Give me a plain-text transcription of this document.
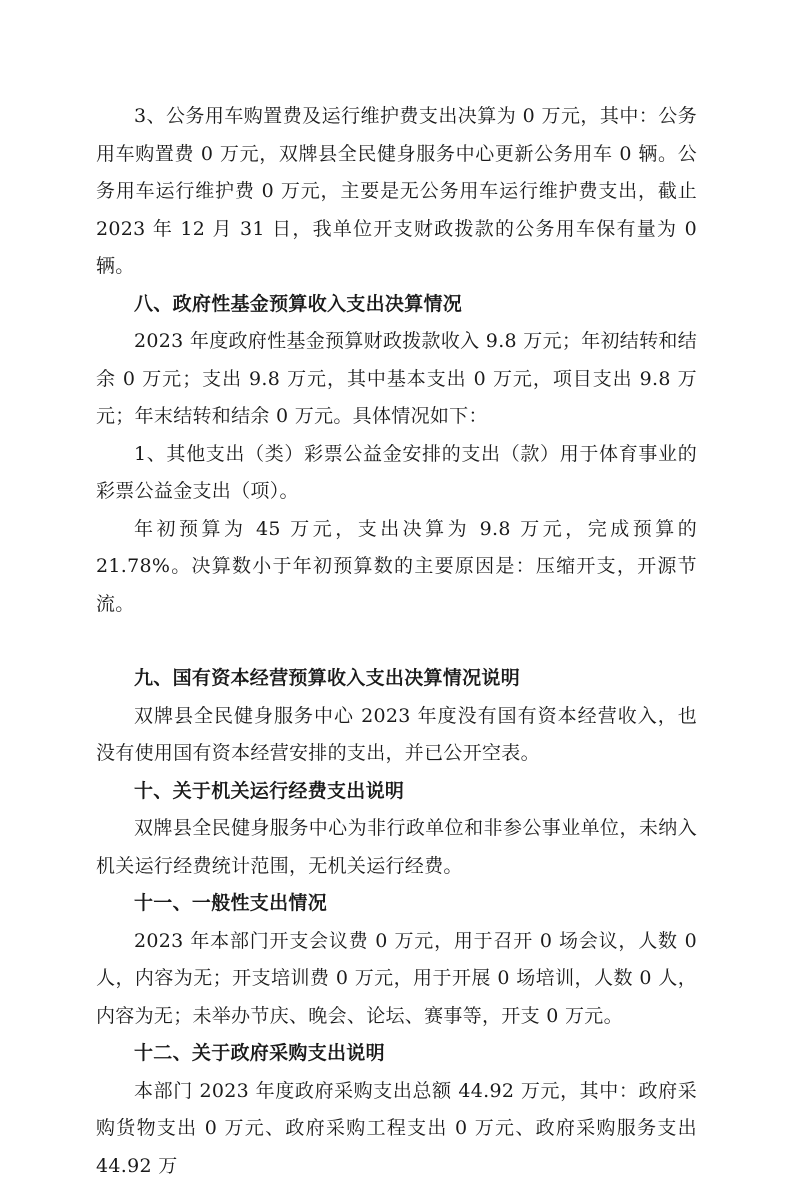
3、公务用车购置费及运行维护费支出决算为 0 万元，其中：公务用车购置费 0 万元，双牌县全民健身服务中心更新公务用车 0 辆。公务用车运行维护费 0 万元，主要是无公务用车运行维护费支出，截止 2023 年 12 月 31 日，我单位开支财政拨款的公务用车保有量为 0 辆。

八、政府性基金预算收入支出决算情况

2023 年度政府性基金预算财政拨款收入 9.8 万元；年初结转和结余 0 万元；支出 9.8 万元，其中基本支出 0 万元，项目支出 9.8 万元；年末结转和结余 0 万元。具体情况如下：

1、其他支出（类）彩票公益金安排的支出（款）用于体育事业的彩票公益金支出（项）。

年初预算为 45 万元，支出决算为 9.8 万元，完成预算的 21.78%。决算数小于年初预算数的主要原因是：压缩开支，开源节流。

九、国有资本经营预算收入支出决算情况说明

双牌县全民健身服务中心 2023 年度没有国有资本经营收入，也没有使用国有资本经营安排的支出，并已公开空表。

十、关于机关运行经费支出说明

双牌县全民健身服务中心为非行政单位和非参公事业单位，未纳入机关运行经费统计范围，无机关运行经费。

十一、一般性支出情况

2023 年本部门开支会议费 0 万元，用于召开 0 场会议，人数 0 人，内容为无；开支培训费 0 万元，用于开展 0 场培训，人数 0 人，内容为无；未举办节庆、晚会、论坛、赛事等，开支 0 万元。

十二、关于政府采购支出说明

本部门 2023 年度政府采购支出总额 44.92 万元，其中：政府采购货物支出 0 万元、政府采购工程支出 0 万元、政府采购服务支出 44.92 万
